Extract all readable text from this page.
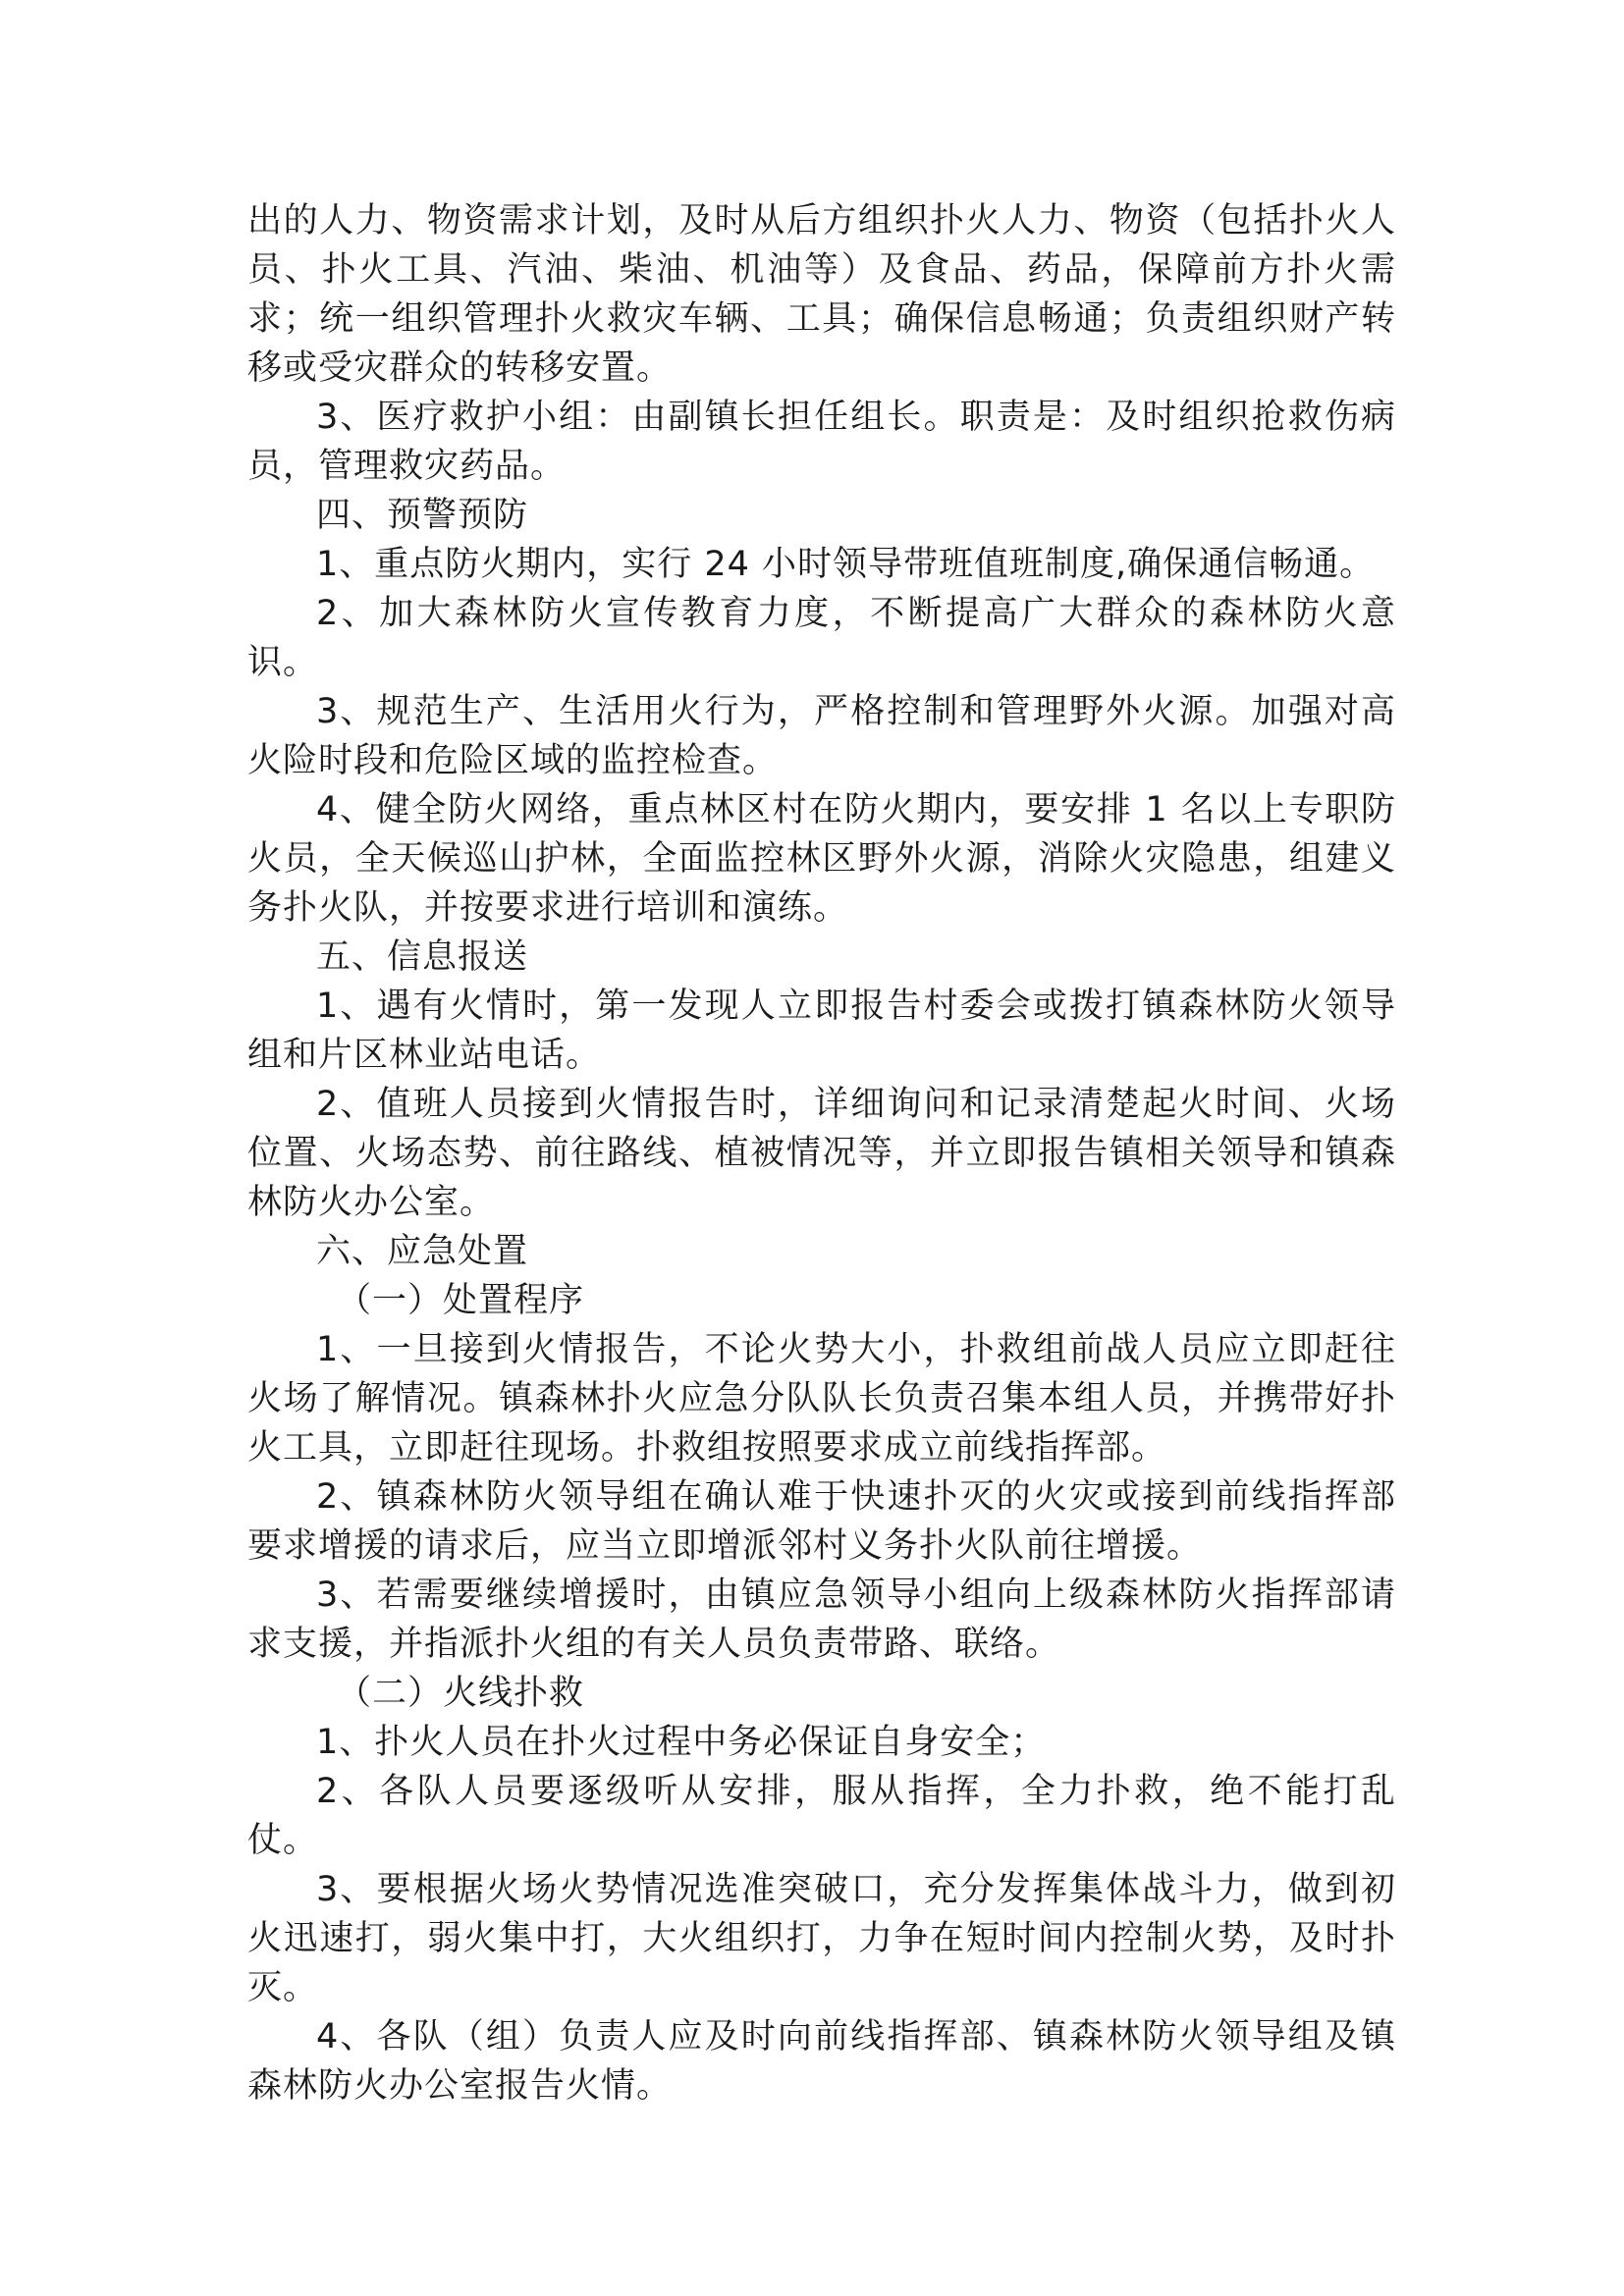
出的人力、物资需求计划，及时从后方组织扑火人力、物资（包括扑火人员、扑火工具、汽油、柴油、机油等）及食品、药品，保障前方扑火需求；统一组织管理扑火救灾车辆、工具；确保信息畅通；负责组织财产转移或受灾群众的转移安置。

3、医疗救护小组：由副镇长担任组长。职责是：及时组织抢救伤病员，管理救灾药品。

四、预警预防

1、重点防火期内，实行 24 小时领导带班值班制度,确保通信畅通。

2、加大森林防火宣传教育力度，不断提高广大群众的森林防火意识。

3、规范生产、生活用火行为，严格控制和管理野外火源。加强对高火险时段和危险区域的监控检查。

4、健全防火网络，重点林区村在防火期内，要安排 1 名以上专职防火员，全天候巡山护林，全面监控林区野外火源，消除火灾隐患，组建义务扑火队，并按要求进行培训和演练。

五、信息报送

1、遇有火情时，第一发现人立即报告村委会或拨打镇森林防火领导组和片区林业站电话。

2、值班人员接到火情报告时，详细询问和记录清楚起火时间、火场位置、火场态势、前往路线、植被情况等，并立即报告镇相关领导和镇森林防火办公室。

六、应急处置

（一）处置程序

1、一旦接到火情报告，不论火势大小，扑救组前战人员应立即赶往火场了解情况。镇森林扑火应急分队队长负责召集本组人员，并携带好扑火工具，立即赶往现场。扑救组按照要求成立前线指挥部。

2、镇森林防火领导组在确认难于快速扑灭的火灾或接到前线指挥部要求增援的请求后，应当立即增派邻村义务扑火队前往增援。

3、若需要继续增援时，由镇应急领导小组向上级森林防火指挥部请求支援，并指派扑火组的有关人员负责带路、联络。

（二）火线扑救

1、扑火人员在扑火过程中务必保证自身安全；

2、各队人员要逐级听从安排，服从指挥，全力扑救，绝不能打乱仗。

3、要根据火场火势情况选准突破口，充分发挥集体战斗力，做到初火迅速打，弱火集中打，大火组织打，力争在短时间内控制火势，及时扑灭。

4、各队（组）负责人应及时向前线指挥部、镇森林防火领导组及镇森林防火办公室报告火情。
